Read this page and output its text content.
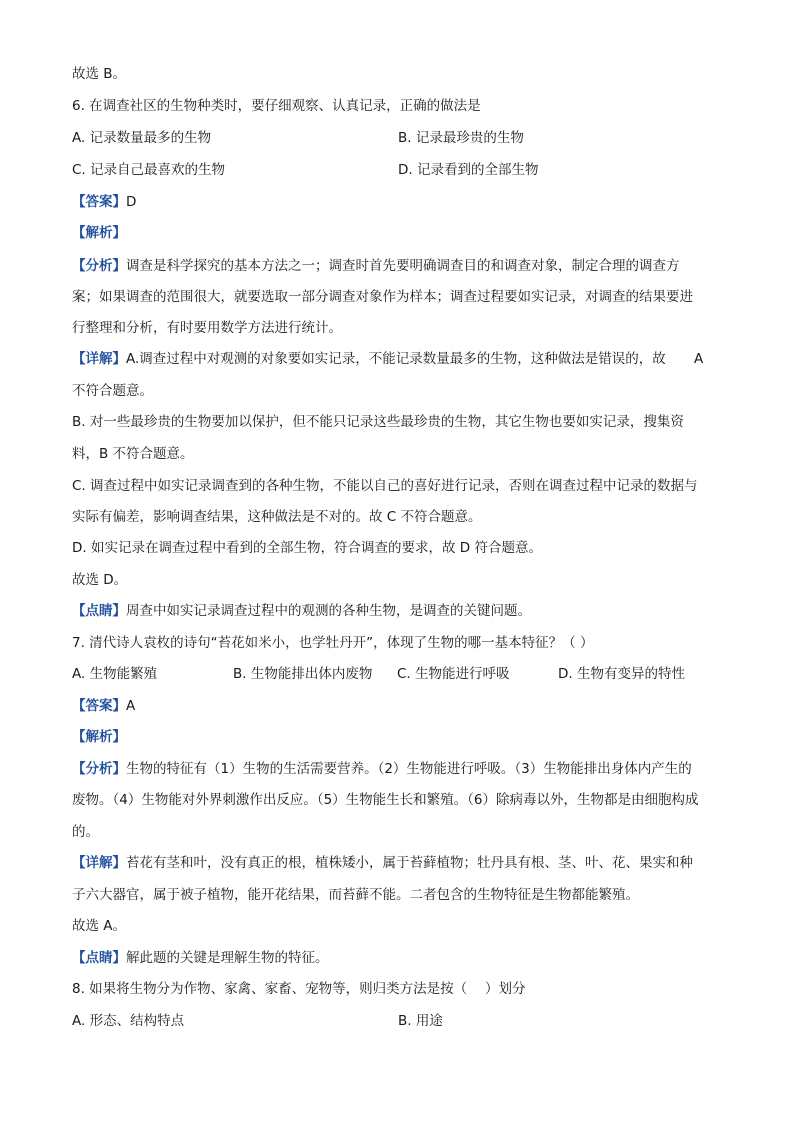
故选 B。
6. 在调查社区的生物种类时，要仔细观察、认真记录，正确的做法是
A. 记录数量最多的生物	B. 记录最珍贵的生物
C. 记录自己最喜欢的生物	D. 记录看到的全部生物
【答案】D
【解析】
【分析】调查是科学探究的基本方法之一；调查时首先要明确调查目的和调查对象，制定合理的调查方
案；如果调查的范围很大，就要选取一部分调查对象作为样本；调查过程要如实记录，对调查的结果要进
行整理和分析，有时要用数学方法进行统计。
【详解】A.调查过程中对观测的对象要如实记录，不能记录数量最多的生物，这种做法是错误的，故 A
不符合题意。
B. 对一些最珍贵的生物要加以保护，但不能只记录这些最珍贵的生物，其它生物也要如实记录，搜集资
料，B 不符合题意。
C. 调查过程中如实记录调查到的各种生物，不能以自己的喜好进行记录，否则在调查过程中记录的数据与
实际有偏差，影响调查结果，这种做法是不对的。故 C 不符合题意。
D. 如实记录在调查过程中看到的全部生物，符合调查的要求，故 D 符合题意。
故选 D。
【点睛】周查中如实记录调查过程中的观测的各种生物，是调查的关键问题。
7. 清代诗人袁枚的诗句“苔花如米小，也学牡丹开”，体现了生物的哪一基本特征？（ ）
A. 生物能繁殖	B. 生物能排出体内废物 C. 生物能进行呼吸	D. 生物有变异的特性
【答案】A
【解析】
【分析】生物的特征有（1）生物的生活需要营养。（2）生物能进行呼吸。（3）生物能排出身体内产生的
废物。（4）生物能对外界刺激作出反应。（5）生物能生长和繁殖。（6）除病毒以外，生物都是由细胞构成
的。
【详解】苔花有茎和叶，没有真正的根，植株矮小，属于苔藓植物；牡丹具有根、茎、叶、花、果实和种
子六大器官，属于被子植物，能开花结果，而苔藓不能。二者包含的生物特征是生物都能繁殖。
故选 A。
【点睛】解此题的关键是理解生物的特征。
8. 如果将生物分为作物、家禽、家畜、宠物等，则归类方法是按（　 ）划分
A. 形态、结构特点	B. 用途
